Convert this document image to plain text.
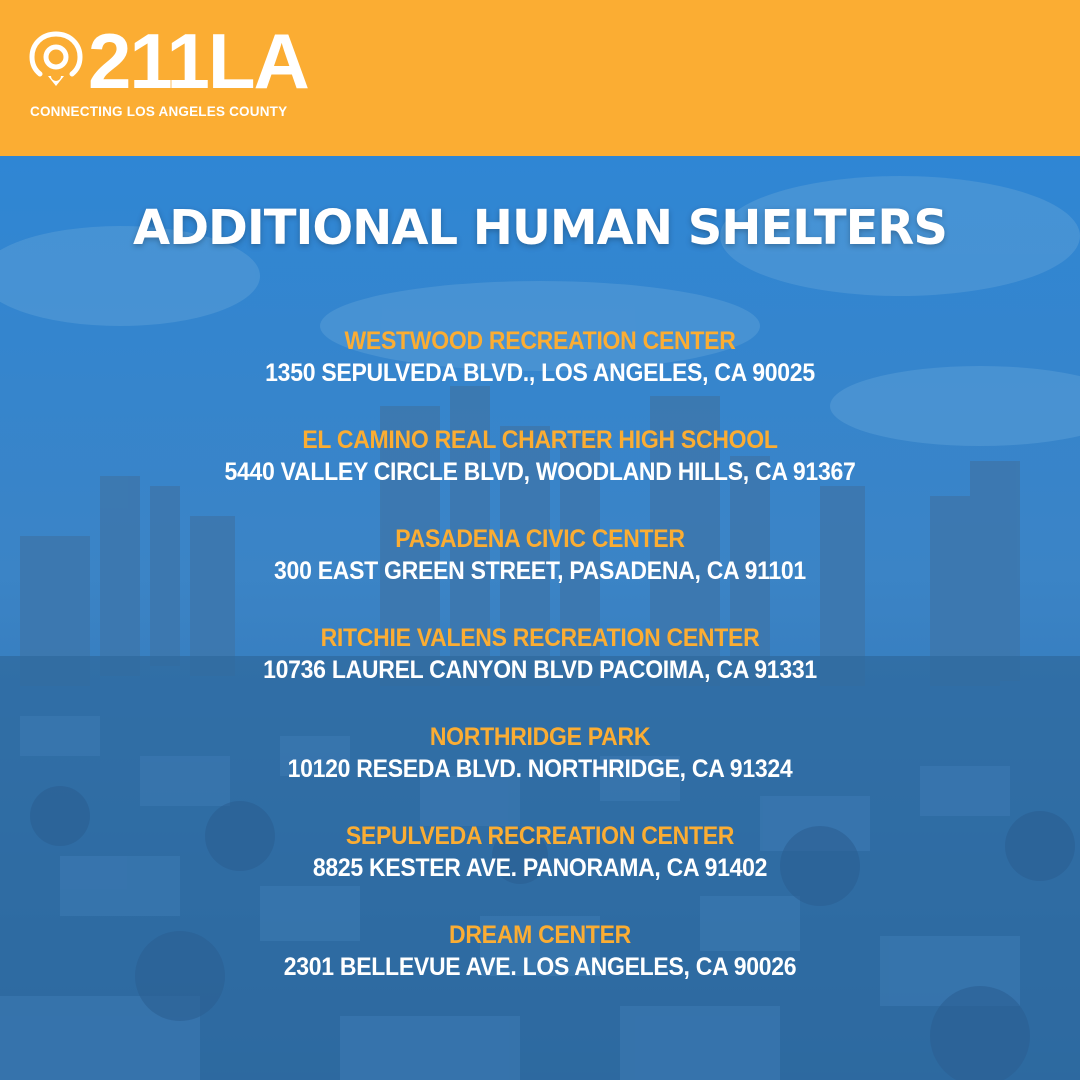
211LA
CONNECTING LOS ANGELES COUNTY
ADDITIONAL HUMAN SHELTERS
WESTWOOD RECREATION CENTER
1350 SEPULVEDA BLVD., LOS ANGELES, CA 90025
EL CAMINO REAL CHARTER HIGH SCHOOL
5440 VALLEY CIRCLE BLVD, WOODLAND HILLS, CA 91367
PASADENA CIVIC CENTER
300 EAST GREEN STREET, PASADENA, CA 91101
RITCHIE VALENS RECREATION CENTER
10736 LAUREL CANYON BLVD PACOIMA, CA 91331
NORTHRIDGE PARK
10120 RESEDA BLVD. NORTHRIDGE, CA 91324
SEPULVEDA RECREATION CENTER
8825 KESTER AVE. PANORAMA, CA 91402
DREAM CENTER
2301 BELLEVUE AVE. LOS ANGELES, CA 90026
